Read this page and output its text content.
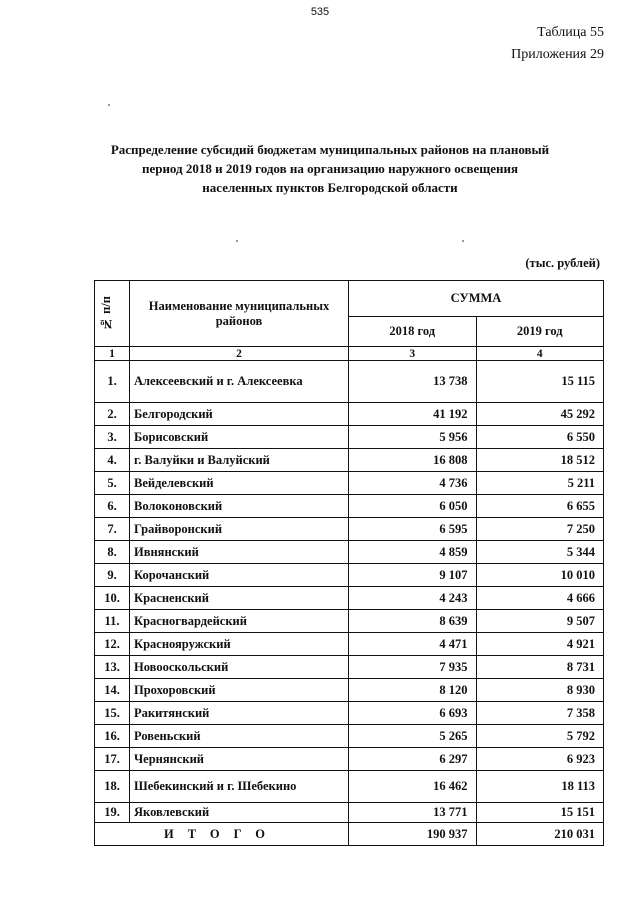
535
Таблица 55
Приложения 29
Распределение субсидий бюджетам муниципальных районов на плановый
период 2018 и 2019 годов на организацию наружного освещения
населенных пунктов Белгородской области
(тыс. рублей)
№ п/п	Наименование муниципальных районов	СУММА	
		2018 год	2019 год
1	2	3	4
1.	Алексеевский и г. Алексеевка	13 738	15 115
2.	Белгородский	41 192	45 292
3.	Борисовский	5 956	6 550
4.	г. Валуйки и Валуйский	16 808	18 512
5.	Вейделевский	4 736	5 211
6.	Волоконовский	6 050	6 655
7.	Грайворонский	6 595	7 250
8.	Ивнянский	4 859	5 344
9.	Корочанский	9 107	10 010
10.	Красненский	4 243	4 666
11.	Красногвардейский	8 639	9 507
12.	Краснояружский	4 471	4 921
13.	Новооскольский	7 935	8 731
14.	Прохоровский	8 120	8 930
15.	Ракитянский	6 693	7 358
16.	Ровеньский	5 265	5 792
17.	Чернянский	6 297	6 923
18.	Шебекинский и г. Шебекино	16 462	18 113
19.	Яковлевский	13 771	15 151
ИТОГО		190 937	210 031
